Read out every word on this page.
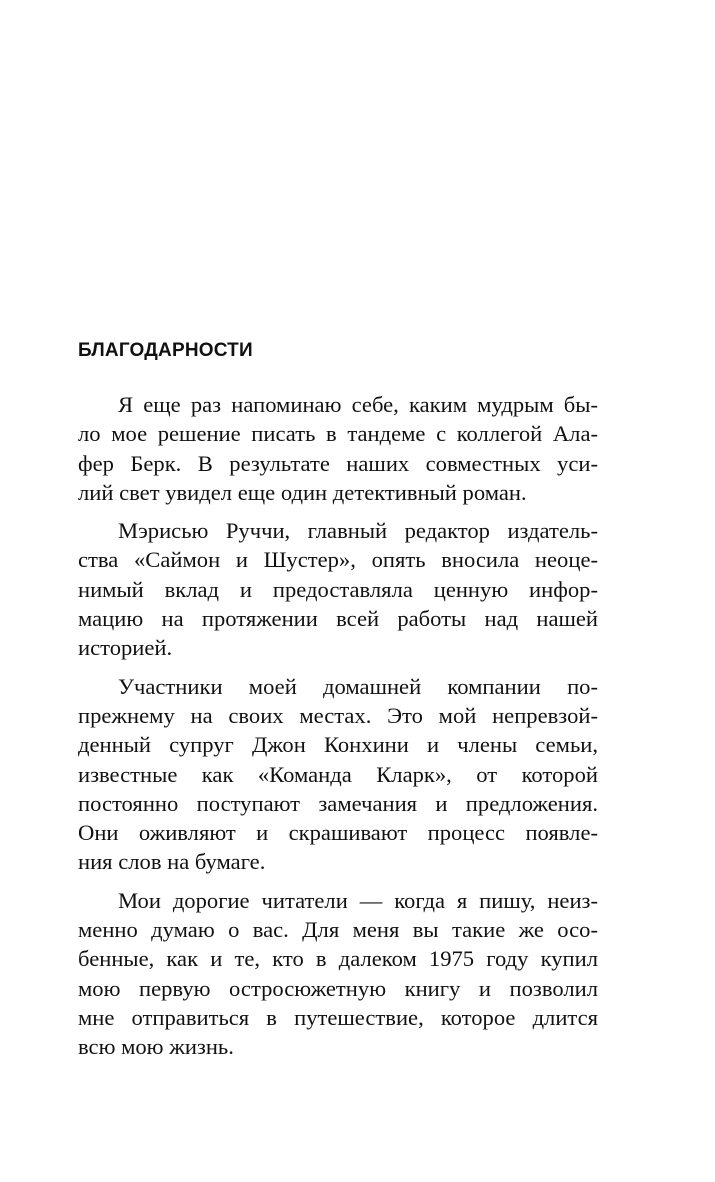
БЛАГОДАРНОСТИ

Я еще раз напоминаю себе, каким мудрым бы-
ло мое решение писать в тандеме с коллегой Ала-
фер Берк. В результате наших совместных уси-
лий свет увидел еще один детективный роман.

Мэрисью Руччи, главный редактор издатель-
ства «Саймон и Шустер», опять вносила неоце-
нимый вклад и предоставляла ценную инфор-
мацию на протяжении всей работы над нашей
историей.

Участники моей домашней компании по-
прежнему на своих местах. Это мой непревзой-
денный супруг Джон Конхини и члены семьи,
известные как «Команда Кларк», от которой
постоянно поступают замечания и предложения.
Они оживляют и скрашивают процесс появле-
ния слов на бумаге.

Мои дорогие читатели — когда я пишу, неиз-
менно думаю о вас. Для меня вы такие же осо-
бенные, как и те, кто в далеком 1975 году купил
мою первую остросюжетную книгу и позволил
мне отправиться в путешествие, которое длится
всю мою жизнь.
